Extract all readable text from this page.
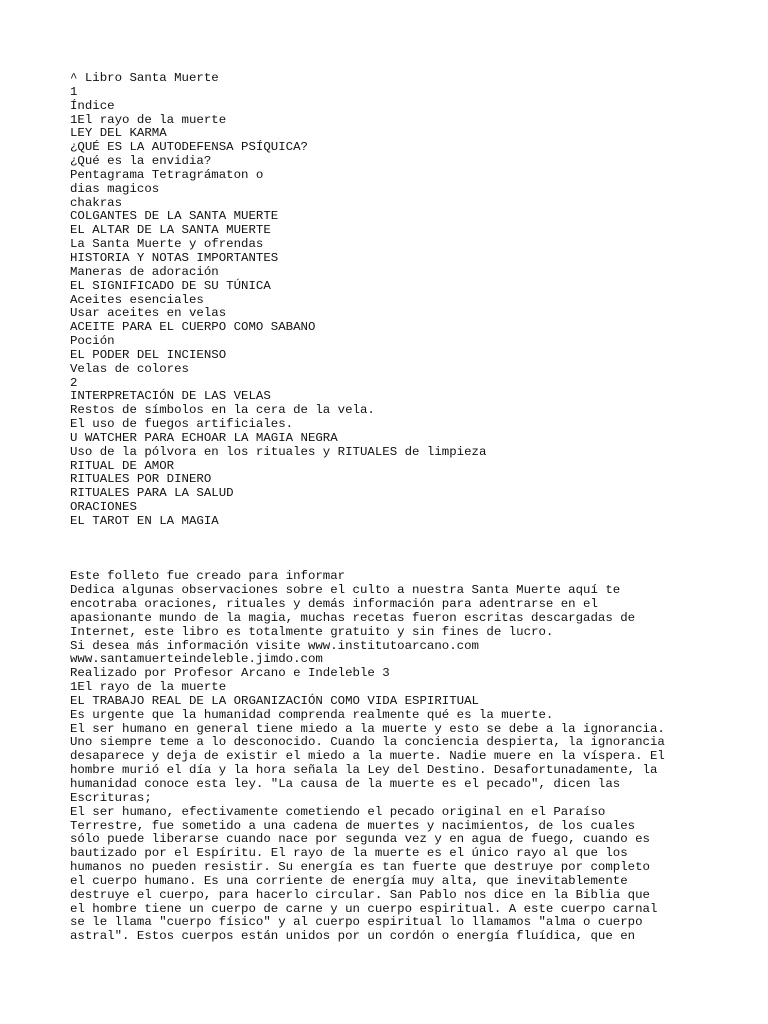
^ Libro Santa Muerte
1
Índice
1El rayo de la muerte
LEY DEL KARMA
¿QUÉ ES LA AUTODEFENSA PSÍQUICA?
¿Qué es la envidia?
Pentagrama Tetragrámaton o
dias magicos
chakras
COLGANTES DE LA SANTA MUERTE
EL ALTAR DE LA SANTA MUERTE
La Santa Muerte y ofrendas
HISTORIA Y NOTAS IMPORTANTES
Maneras de adoración
EL SIGNIFICADO DE SU TÚNICA
Aceites esenciales
Usar aceites en velas
ACEITE PARA EL CUERPO COMO SABANO
Poción
EL PODER DEL INCIENSO
Velas de colores
2
INTERPRETACIÓN DE LAS VELAS
Restos de símbolos en la cera de la vela.
El uso de fuegos artificiales.
U WATCHER PARA ECHOAR LA MAGIA NEGRA
Uso de la pólvora en los rituales y RITUALES de limpieza
RITUAL DE AMOR
RITUALES POR DINERO
RITUALES PARA LA SALUD
ORACIONES
EL TAROT EN LA MAGIA
Este folleto fue creado para informar
Dedica algunas observaciones sobre el culto a nuestra Santa Muerte aquí te
encotraba oraciones, rituales y demás información para adentrarse en el
apasionante mundo de la magia, muchas recetas fueron escritas descargadas de
Internet, este libro es totalmente gratuito y sin fines de lucro.
Si desea más información visite www.institutoarcano.com
www.santamuerteindeleble.jimdo.com
Realizado por Profesor Arcano e Indeleble 3
1El rayo de la muerte
EL TRABAJO REAL DE LA ORGANIZACIÓN COMO VIDA ESPIRITUAL
Es urgente que la humanidad comprenda realmente qué es la muerte.
El ser humano en general tiene miedo a la muerte y esto se debe a la ignorancia.
Uno siempre teme a lo desconocido. Cuando la conciencia despierta, la ignorancia
desaparece y deja de existir el miedo a la muerte. Nadie muere en la víspera. El
hombre murió el día y la hora señala la Ley del Destino. Desafortunadamente, la
humanidad conoce esta ley. "La causa de la muerte es el pecado", dicen las
Escrituras;
El ser humano, efectivamente cometiendo el pecado original en el Paraíso
Terrestre, fue sometido a una cadena de muertes y nacimientos, de los cuales
sólo puede liberarse cuando nace por segunda vez y en agua de fuego, cuando es
bautizado por el Espíritu. El rayo de la muerte es el único rayo al que los
humanos no pueden resistir. Su energía es tan fuerte que destruye por completo
el cuerpo humano. Es una corriente de energía muy alta, que inevitablemente
destruye el cuerpo, para hacerlo circular. San Pablo nos dice en la Biblia que
el hombre tiene un cuerpo de carne y un cuerpo espiritual. A este cuerpo carnal
se le llama "cuerpo físico" y al cuerpo espiritual lo llamamos "alma o cuerpo
astral". Estos cuerpos están unidos por un cordón o energía fluídica, que en
